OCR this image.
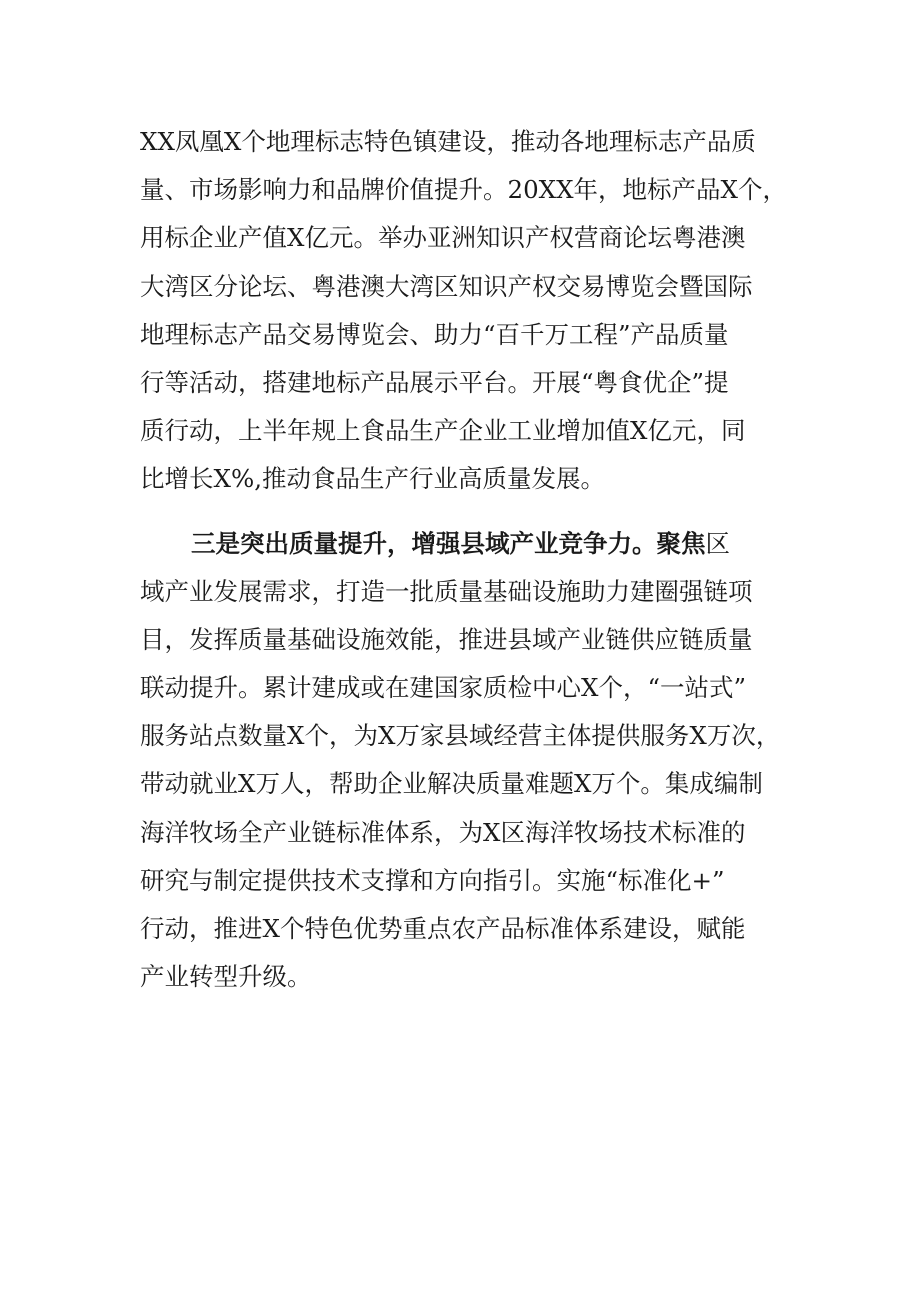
XX凤凰X个地理标志特色镇建设，推动各地理标志产品质
量、市场影响力和品牌价值提升。20XX年，地标产品X个，
用标企业产值X亿元。举办亚洲知识产权营商论坛粤港澳
大湾区分论坛、粤港澳大湾区知识产权交易博览会暨国际
地理标志产品交易博览会、助力“百千万工程”产品质量
行等活动，搭建地标产品展示平台。开展“粤食优企”提
质行动，上半年规上食品生产企业工业增加值X亿元，同
比增长X%,推动食品生产行业高质量发展。
三是突出质量提升，增强县域产业竞争力。聚焦区
域产业发展需求，打造一批质量基础设施助力建圈强链项
目，发挥质量基础设施效能，推进县域产业链供应链质量
联动提升。累计建成或在建国家质检中心X个，“一站式”
服务站点数量X个，为X万家县域经营主体提供服务X万次，
带动就业X万人，帮助企业解决质量难题X万个。集成编制
海洋牧场全产业链标准体系，为X区海洋牧场技术标准的
研究与制定提供技术支撑和方向指引。实施“标准化+”
行动，推进X个特色优势重点农产品标准体系建设，赋能
产业转型升级。
